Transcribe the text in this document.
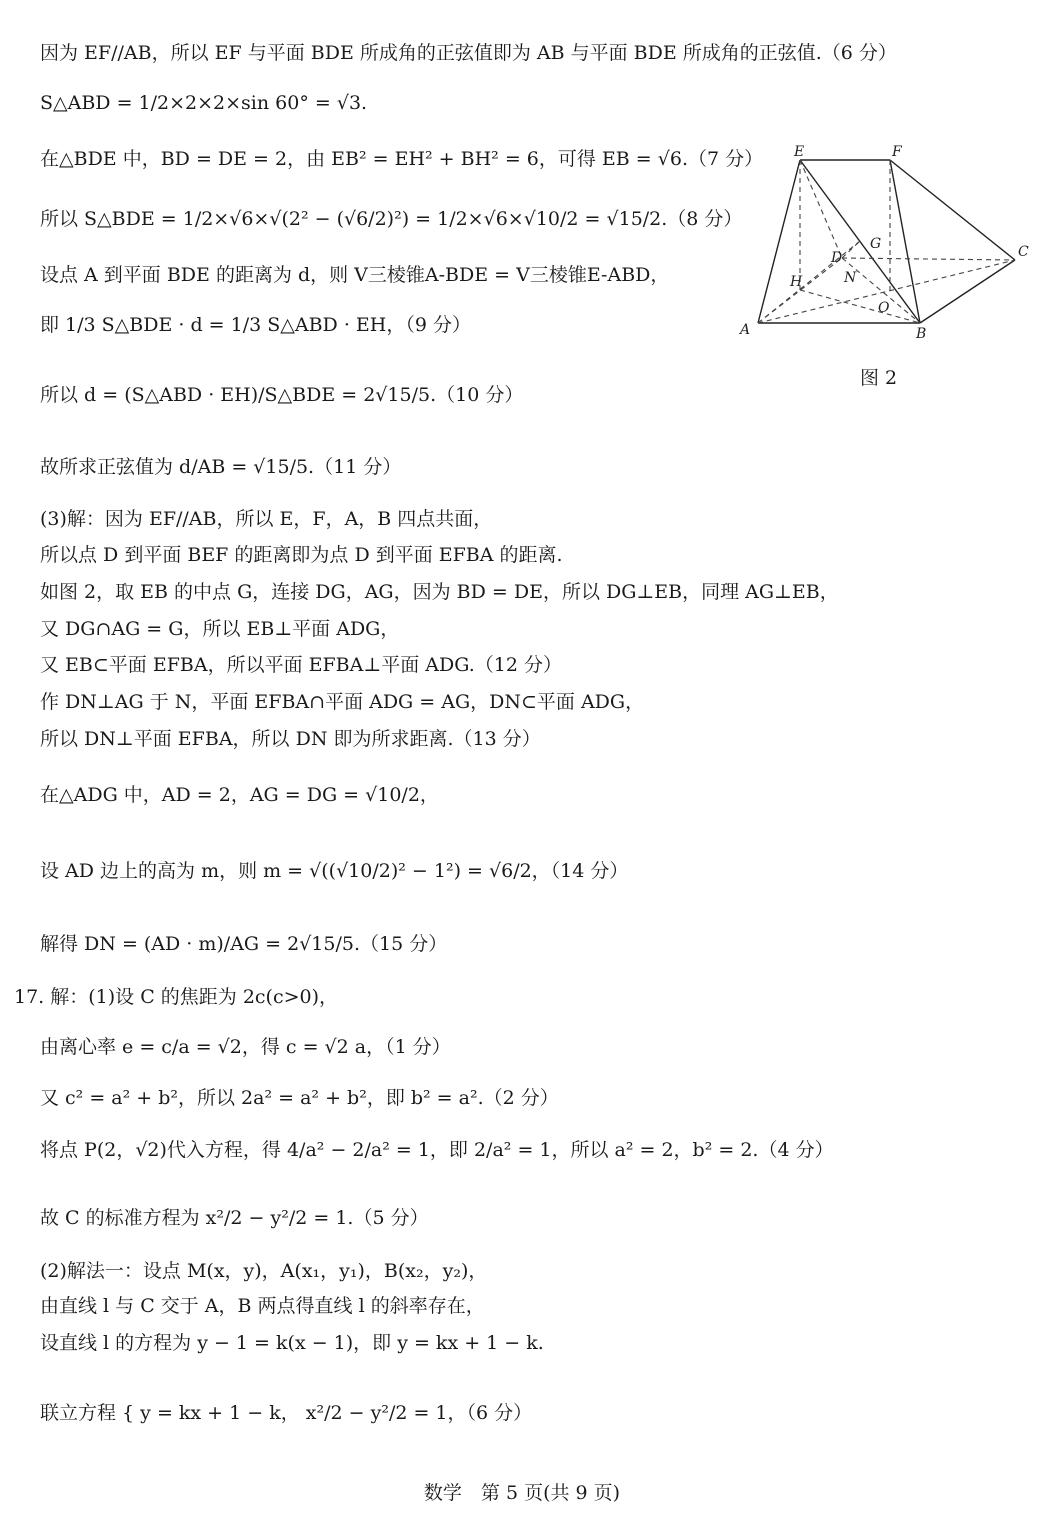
因为 EF//AB，所以 EF 与平面 BDE 所成角的正弦值即为 AB 与平面 BDE 所成角的正弦值.（6 分）
S△ABD = 1/2×2×2×sin 60° = √3.
在△BDE 中，BD = DE = 2，由 EB² = EH² + BH² = 6，可得 EB = √6.（7 分）
所以 S△BDE = 1/2×√6×√(2² − (√6/2)²) = 1/2×√6×√10/2 = √15/2.（8 分）
设点 A 到平面 BDE 的距离为 d，则 V三棱锥A-BDE = V三棱锥E-ABD，
即 1/3 S△BDE · d = 1/3 S△ABD · EH，（9 分）
所以 d = (S△ABD · EH)/S△BDE = 2√15/5.（10 分）
故所求正弦值为 d/AB = √15/5.（11 分）
(3)解：因为 EF//AB，所以 E，F，A，B 四点共面，
所以点 D 到平面 BEF 的距离即为点 D 到平面 EFBA 的距离.
如图 2，取 EB 的中点 G，连接 DG，AG，因为 BD = DE，所以 DG⊥EB，同理 AG⊥EB，
又 DG∩AG = G，所以 EB⊥平面 ADG，
又 EB⊂平面 EFBA，所以平面 EFBA⊥平面 ADG.（12 分）
作 DN⊥AG 于 N，平面 EFBA∩平面 ADG = AG，DN⊂平面 ADG，
所以 DN⊥平面 EFBA，所以 DN 即为所求距离.（13 分）
在△ADG 中，AD = 2，AG = DG = √10/2，
设 AD 边上的高为 m，则 m = √((√10/2)² − 1²) = √6/2，（14 分）
解得 DN = (AD · m)/AG = 2√15/5.（15 分）
17. 解：(1)设 C 的焦距为 2c(c>0)，
由离心率 e = c/a = √2，得 c = √2 a，（1 分）
又 c² = a² + b²，所以 2a² = a² + b²，即 b² = a².（2 分）
将点 P(2，√2)代入方程，得 4/a² − 2/a² = 1，即 2/a² = 1，所以 a² = 2，b² = 2.（4 分）
故 C 的标准方程为 x²/2 − y²/2 = 1.（5 分）
(2)解法一：设点 M(x，y)，A(x₁，y₁)，B(x₂，y₂)，
由直线 l 与 C 交于 A，B 两点得直线 l 的斜率存在，
设直线 l 的方程为 y − 1 = k(x − 1)，即 y = kx + 1 − k.
联立方程 { y = kx + 1 − k， x²/2 − y²/2 = 1，（6 分）
E	F
C
G
D
N
H
O
A	B
图 2
数学　第 5 页(共 9 页)
